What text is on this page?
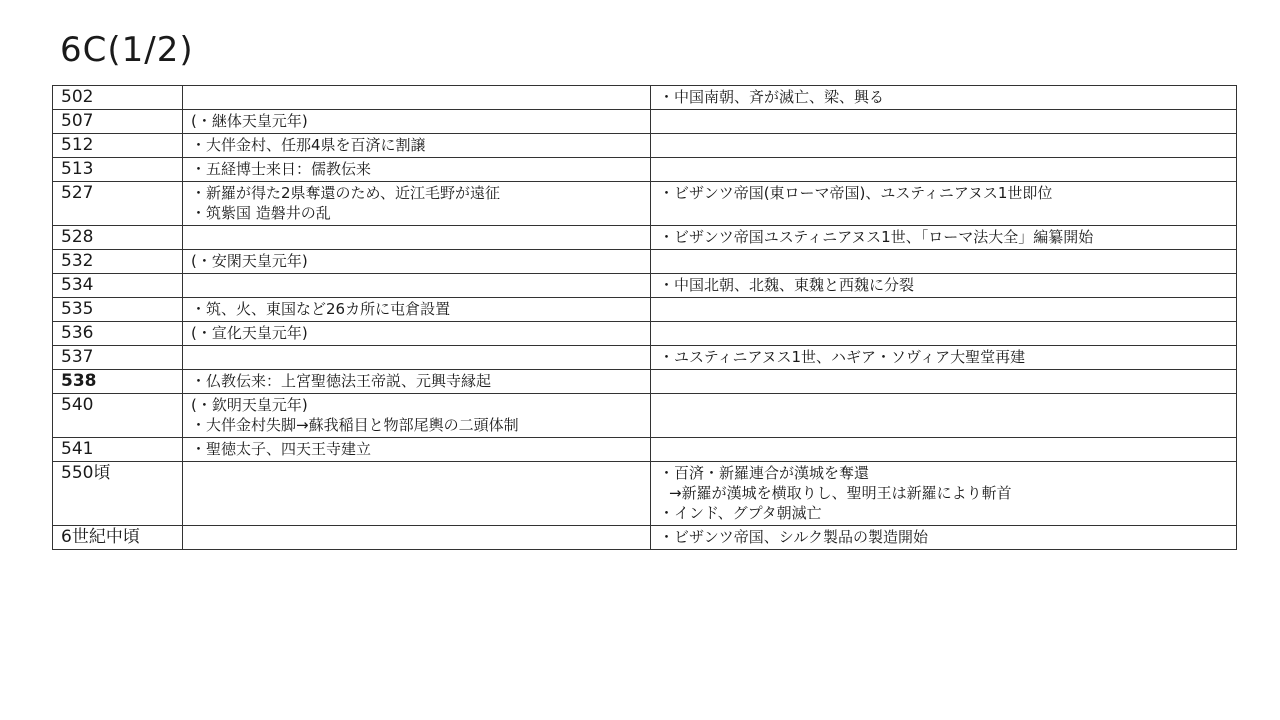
6C(1/2)
502		・中国南朝、斉が滅亡、梁、興る

507	(・継体天皇元年)	

512	・大伴金村、任那4県を百済に割譲	

513	・五経博士来日：儒教伝来	

527	・新羅が得た2県奪還のため、近江毛野が遠征
・筑紫国 造磐井の乱	・ビザンツ帝国(東ローマ帝国)、ユスティニアヌス1世即位

528		・ビザンツ帝国ユスティニアヌス1世、「ローマ法大全」編纂開始

532	(・安閑天皇元年)	

534		・中国北朝、北魏、東魏と西魏に分裂

535	・筑、火、東国など26カ所に屯倉設置	

536	(・宣化天皇元年)	

537		・ユスティニアヌス1世、ハギア・ソヴィア大聖堂再建

538	・仏教伝来：上宮聖徳法王帝説、元興寺縁起	

540	(・欽明天皇元年)
・大伴金村失脚→蘇我稲目と物部尾輿の二頭体制	

541	・聖徳太子、四天王寺建立	

550頃		・百済・新羅連合が漢城を奪還
→新羅が漢城を横取りし、聖明王は新羅により斬首
・インド、グプタ朝滅亡

6世紀中頃		・ビザンツ帝国、シルク製品の製造開始
